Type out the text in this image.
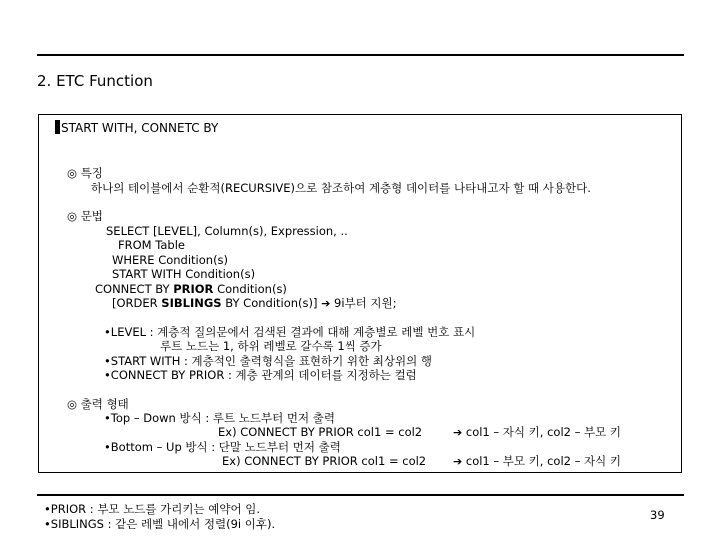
2. ETC Function
START WITH, CONNETC BY
◎ 특징
하나의 테이블에서 순환적(RECURSIVE)으로 참조하여 계층형 데이터를 나타내고자 할 때 사용한다.
◎ 문법
SELECT [LEVEL], Column(s), Expression, ..
FROM Table
WHERE Condition(s)
START WITH Condition(s)
CONNECT BY PRIOR Condition(s)
[ORDER SIBLINGS BY Condition(s)] ➔ 9i부터 지원;
•LEVEL : 계층적 질의문에서 검색된 결과에 대해 계층별로 레벨 번호 표시
루트 노드는 1, 하위 레벨로 갈수록 1씩 증가
•START WITH : 계층적인 출력형식을 표현하기 위한 최상위의 행
•CONNECT BY PRIOR : 계층 관계의 데이터를 지정하는 컬럼
◎ 출력 형태
•Top – Down 방식 : 루트 노드부터 먼저 출력
Ex) CONNECT BY PRIOR col1 = col2	➔ col1 – 자식 키, col2 – 부모 키
•Bottom – Up 방식 : 단말 노드부터 먼저 출력
Ex) CONNECT BY PRIOR col1 = col2 ➔ col1 – 부모 키, col2 – 자식 키
•PRIOR : 부모 노드를 가리키는 예약어 임.
•SIBLINGS : 같은 레벨 내에서 정렬(9i 이후).
39
